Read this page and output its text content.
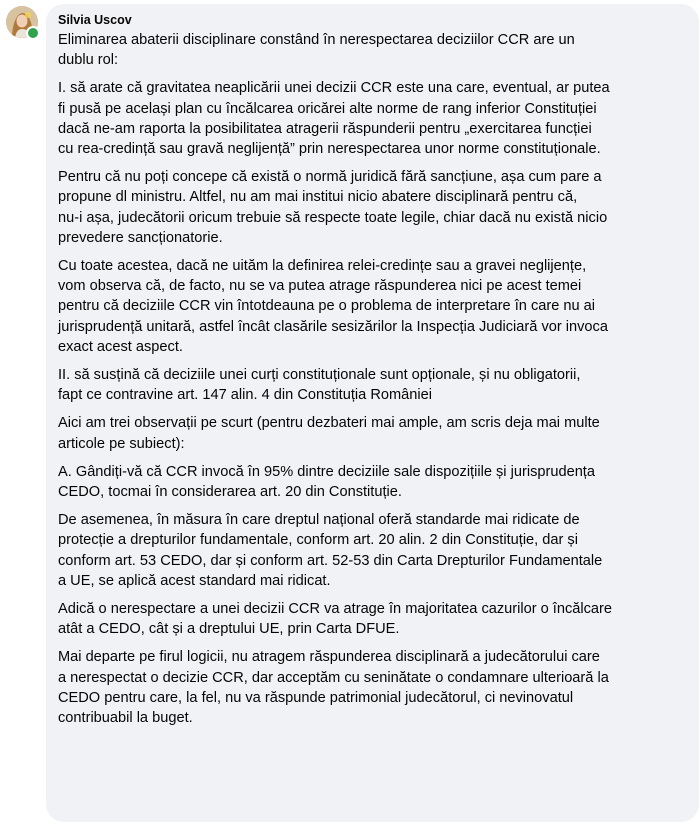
Silvia Uscov

Eliminarea abaterii disciplinare constând în nerespectarea deciziilor CCR are un
dublu rol:

I. să arate că gravitatea neaplicării unei decizii CCR este una care, eventual, ar putea
fi pusă pe același plan cu încălcarea oricărei alte norme de rang inferior Constituției
dacă ne-am raporta la posibilitatea atragerii răspunderii pentru „exercitarea funcției
cu rea-credință sau gravă neglijență” prin nerespectarea unor norme constituționale.

Pentru că nu poți concepe că există o normă juridică fără sancțiune, așa cum pare a
propune dl ministru. Altfel, nu am mai institui nicio abatere disciplinară pentru că,
nu-i așa, judecătorii oricum trebuie să respecte toate legile, chiar dacă nu există nicio
prevedere sancționatorie.

Cu toate acestea, dacă ne uităm la definirea relei-credințe sau a gravei neglijențe,
vom observa că, de facto, nu se va putea atrage răspunderea nici pe acest temei
pentru că deciziile CCR vin întotdeauna pe o problema de interpretare în care nu ai
jurisprudență unitară, astfel încât clasările sesizărilor la Inspecția Judiciară vor invoca
exact acest aspect.

II. să susțină că deciziile unei curți constituționale sunt opționale, și nu obligatorii,
fapt ce contravine art. 147 alin. 4 din Constituția României

Aici am trei observații pe scurt (pentru dezbateri mai ample, am scris deja mai multe
articole pe subiect):

A. Gândiți-vă că CCR invocă în 95% dintre deciziile sale dispozițiile și jurisprudența
CEDO, tocmai în considerarea art. 20 din Constituție.

De asemenea, în măsura în care dreptul național oferă standarde mai ridicate de
protecție a drepturilor fundamentale, conform art. 20 alin. 2 din Constituție, dar și
conform art. 53 CEDO, dar și conform art. 52-53 din Carta Drepturilor Fundamentale
a UE, se aplică acest standard mai ridicat.

Adică o nerespectare a unei decizii CCR va atrage în majoritatea cazurilor o încălcare
atât a CEDO, cât și a dreptului UE, prin Carta DFUE.

Mai departe pe firul logicii, nu atragem răspunderea disciplinară a judecătorului care
a nerespectat o decizie CCR, dar acceptăm cu seninătate o condamnare ulterioară la
CEDO pentru care, la fel, nu va răspunde patrimonial judecătorul, ci nevinovatul
contribuabil la buget.
